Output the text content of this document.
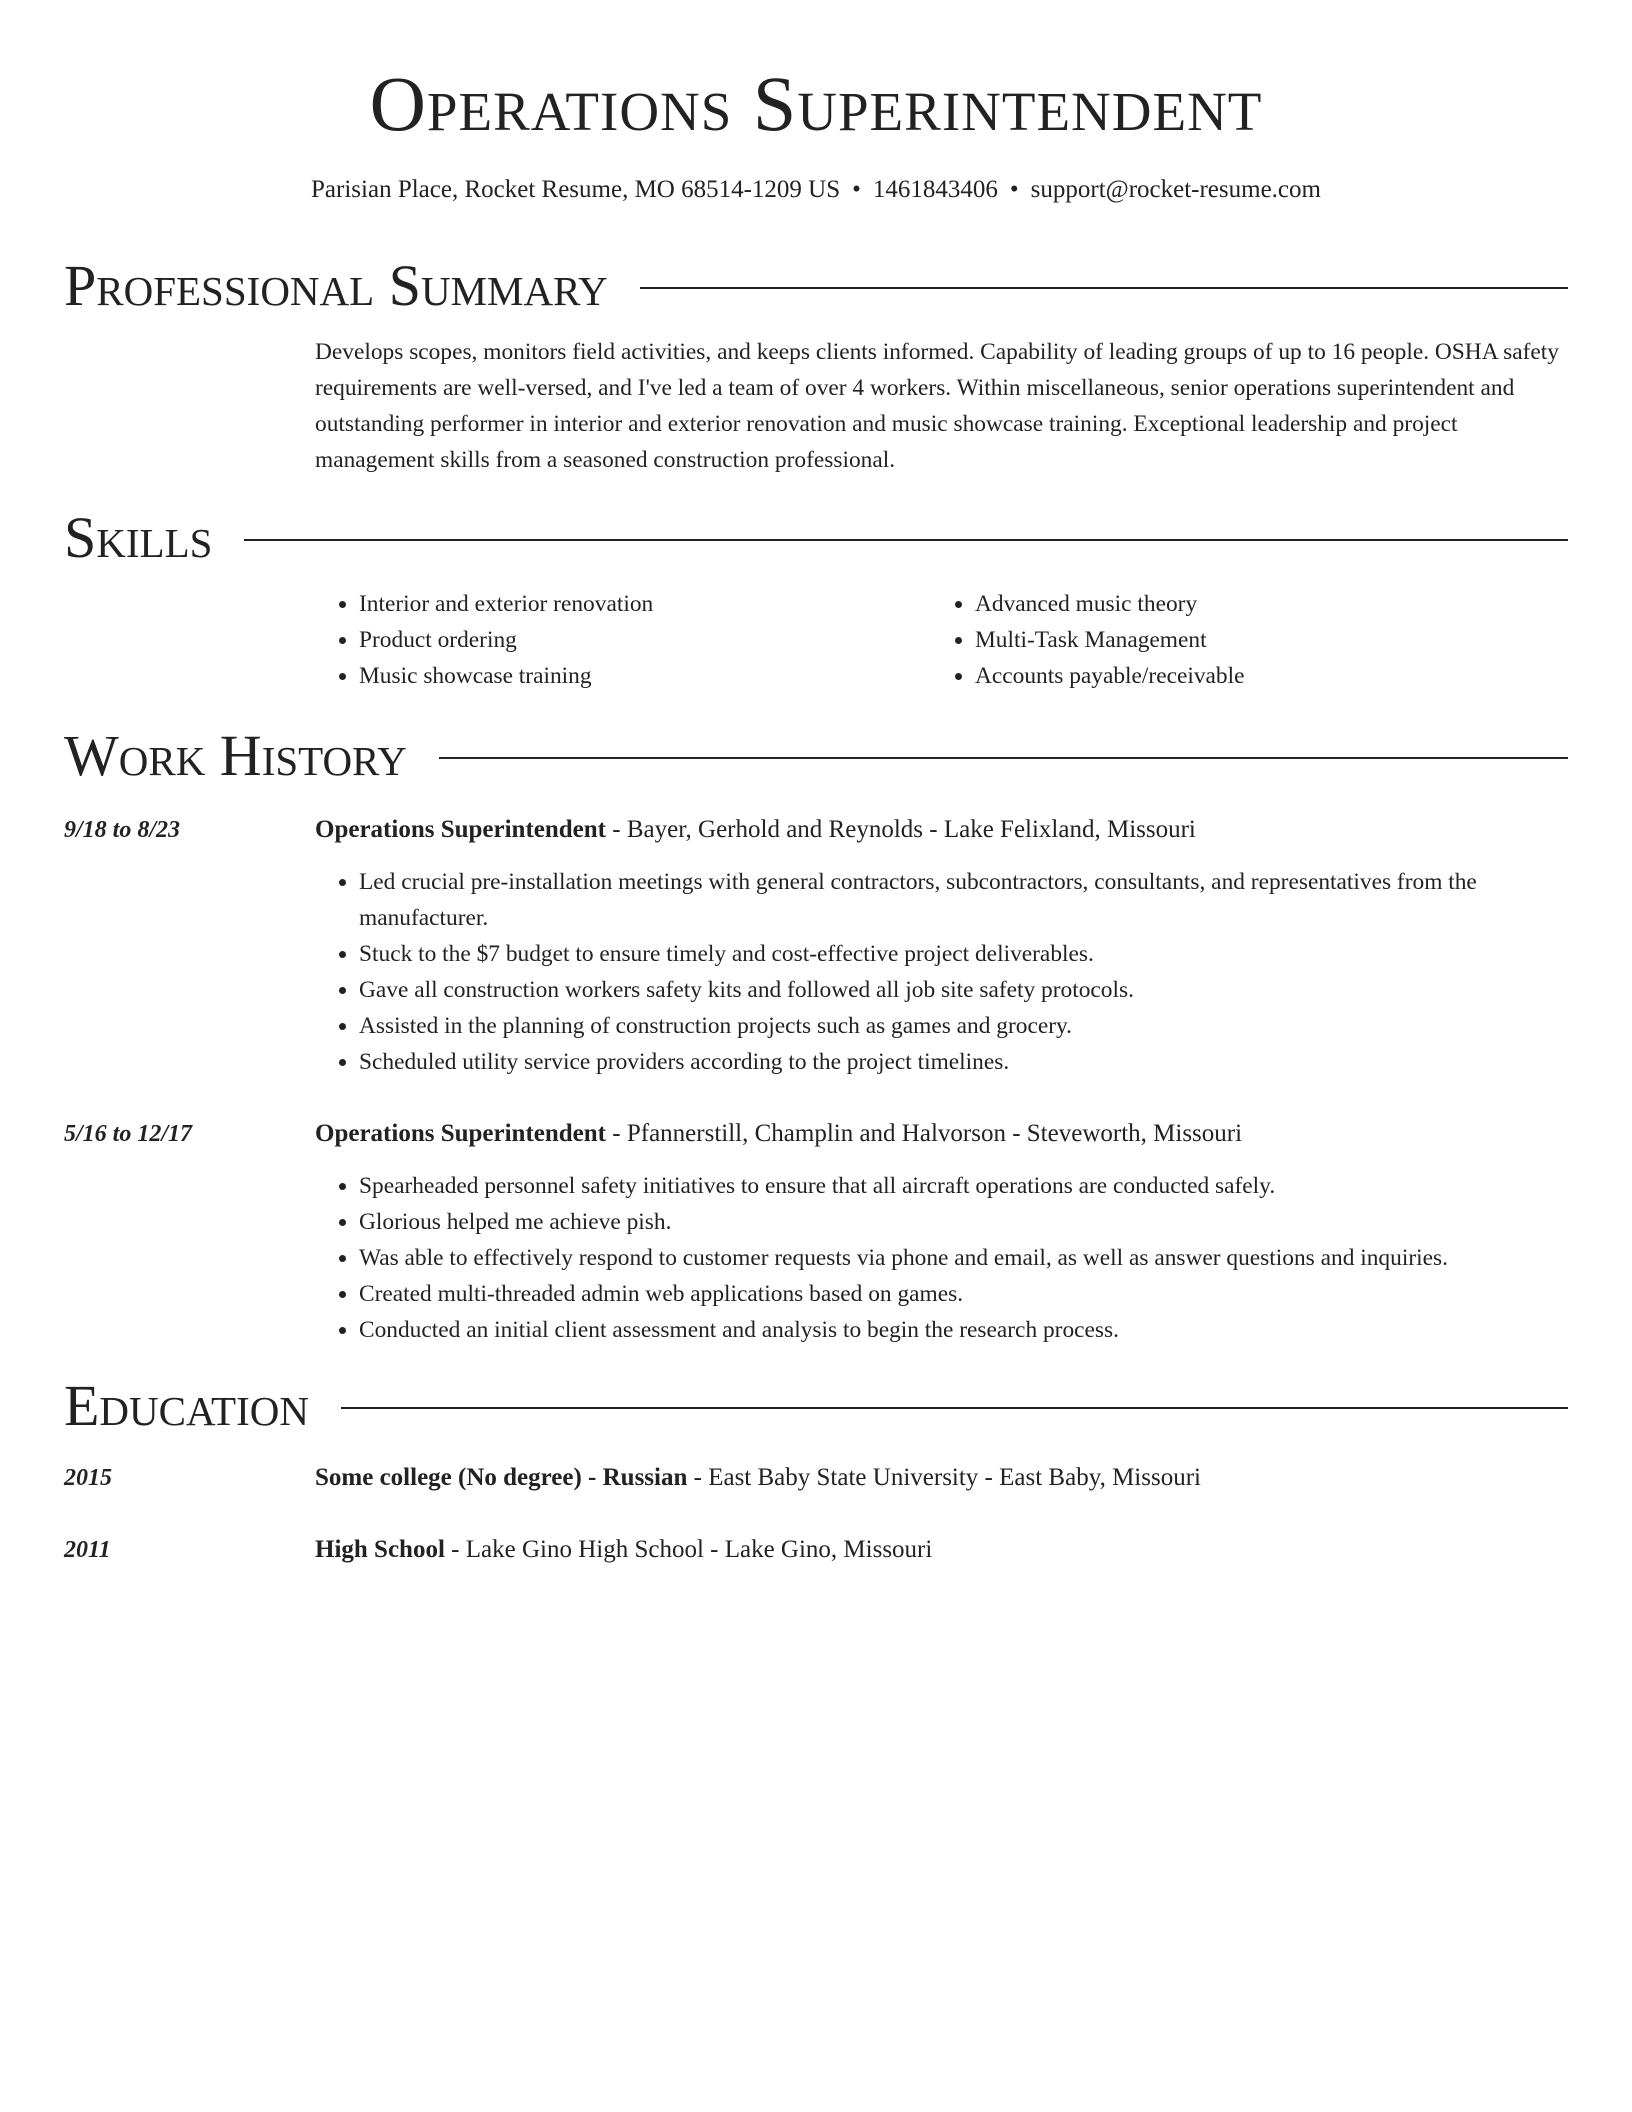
Operations Superintendent

Parisian Place, Rocket Resume, MO 68514-1209 US • 1461843406 • support@rocket-resume.com

Professional Summary

Develops scopes, monitors field activities, and keeps clients informed. Capability of leading groups of up to 16 people. OSHA safety requirements are well-versed, and I've led a team of over 4 workers. Within miscellaneous, senior operations superintendent and outstanding performer in interior and exterior renovation and music showcase training. Exceptional leadership and project management skills from a seasoned construction professional.

Skills
• Interior and exterior renovation
• Product ordering
• Music showcase training
• Advanced music theory
• Multi-Task Management
• Accounts payable/receivable
Work History
9/18 to 8/23	Operations Superintendent - Bayer, Gerhold and Reynolds - Lake Felixland, Missouri

• Led crucial pre-installation meetings with general contractors, subcontractors, consultants, and representatives from the manufacturer.
• Stuck to the $7 budget to ensure timely and cost-effective project deliverables.
• Gave all construction workers safety kits and followed all job site safety protocols.
• Assisted in the planning of construction projects such as games and grocery.
• Scheduled utility service providers according to the project timelines.
5/16 to 12/17	Operations Superintendent - Pfannerstill, Champlin and Halvorson - Steveworth, Missouri

• Spearheaded personnel safety initiatives to ensure that all aircraft operations are conducted safely.
• Glorious helped me achieve pish.
• Was able to effectively respond to customer requests via phone and email, as well as answer questions and inquiries.
• Created multi-threaded admin web applications based on games.
• Conducted an initial client assessment and analysis to begin the research process.
Education
2015	Some college (No degree) - Russian - East Baby State University - East Baby, Missouri

2011	High School - Lake Gino High School - Lake Gino, Missouri
